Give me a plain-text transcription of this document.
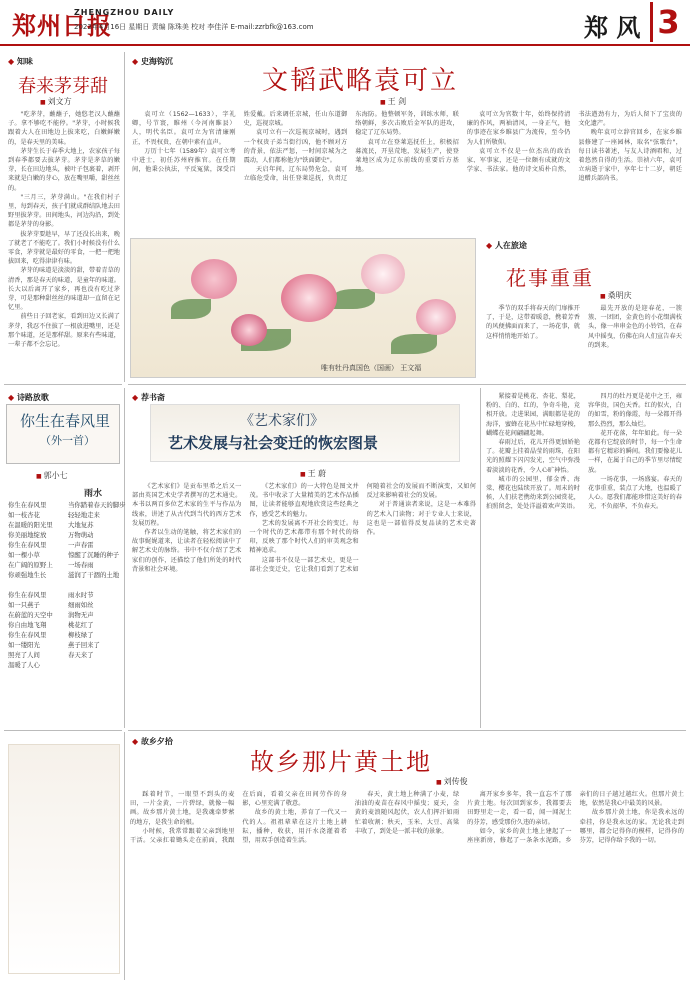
郑州日报
ZHENGZHOU DAILY
2023年4月16日 星期日 责编 陈珠美 校对 李佳洋 E-mail:zzrbfk@163.com	郑 风 3
◆ 知味
春来茅芽甜
■ 刘文方

"吃茅芽，蘸蘸子，她悠老汉人蘸蘸子。拿不够吃不能停。"茅芽，小时候我跟着大人在田地边上拔来吃，白嫩鲜嫩的，是春天里的美味。

茅芽生长于春季大地上，农家孩子每到春季都要去拔茅芽。茅芽是茅草的嫩芽，长在田边地头，被叶子包裹着，剥开来就是白嫩的芽心，放在嘴里嚼，甜丝丝的。

"三月三，茅芽满山。"在我们村子里，每到春天，孩子们就成群结队地去田野里拔茅芽。田间地头，河边沟沿，到处都是茅芽的身影。

拔茅芽要趁早，早了还没长出来，晚了就老了不能吃了。我们小时候没有什么零食，茅芽就是最好的零食，一把一把地拔回来，吃得津津有味。

茅芽的味道是淡淡的甜，带着青草的清香，那是春天的味道，是童年的味道。长大以后离开了家乡，再也没有吃过茅芽，可是那种甜丝丝的味道却一直留在记忆里。

前些日子回老家，看到田边又长满了茅芽，我忍不住拔了一根放进嘴里，还是那个味道，还是那样甜。原来有些味道，一辈子都不会忘记。

◆ 史海钩沉
文韬武略袁可立
■ 王 剑

袁可立（1562—1633），字礼卿，号节寰，睢州（今河南睢县）人，明代名臣。袁可立为官清廉刚正，不畏权贵，在朝中素有直声。

万历十七年（1589年）袁可立考中进士，初任苏州府推官。在任期间，他秉公执法，平反冤狱，深受百姓爱戴。后来调任京城，任山东道御史，巡视京城。

袁可立有一次巡视京城时，遇到一个权贵子弟当街行凶，他不顾对方的背景，依法严惩，一时间京城为之震动，人们都称他为"铁面御史"。

天启年间，辽东局势危急，袁可立临危受命，出任登莱巡抚，负责辽东海防。他整顿军务，训练水师，联络朝鲜，多次击败后金军队的进攻，稳定了辽东局势。

袁可立在登莱巡抚任上，积极招募流民，开垦荒地，发展生产，使登莱地区成为辽东前线的重要后方基地。

袁可立为官数十年，始终保持清廉的作风，两袖清风，一身正气，他的事迹在家乡睢县广为流传，至今仍为人们所敬仰。

袁可立不仅是一位杰出的政治家、军事家，还是一位颇有成就的文学家、书法家。他的诗文质朴自然，书法遒劲有力，为后人留下了宝贵的文化遗产。

晚年袁可立辞官回乡，在家乡睢县修建了一座园林，取名"弦歌台"，每日读书著述，与友人诗酒唱和，过着悠然自得的生活。崇祯六年，袁可立病逝于家中，享年七十二岁，朝廷追赠兵部尚书。

唯有牡丹真国色（国画） 王文福
◆ 人在旅途
花事重重
■ 桑明庆

季节的双手将春天的门扉推开了，于是，这带着暖意，携着芳香的风便拂面而来了，一场花事，就这样悄悄地开始了。

最先开放的是迎春花，一簇簇、一团团，金黄色的小花缀满枝头，像一串串金色的小铃铛，在春风中摇曳，仿佛在向人们宣告春天的到来。

紧接着是桃花、杏花、梨花，粉的、白的、红的，争奇斗艳，竞相开放。走进果园，满眼都是花的海洋，蜜蜂在花丛中忙碌地穿梭，蝴蝶在花间翩翩起舞。

春雨过后，花儿开得更加娇艳了。花瓣上挂着晶莹的雨珠，在阳光的照耀下闪闪发光，空气中弥漫着淡淡的花香，令人心旷神怡。

城市的公园里，郁金香、海棠、樱花也陆续开放了。周末的时候，人们扶老携幼来到公园赏花，拍照留念，处处洋溢着欢声笑语。

四月的牡丹更是花中之王，雍容华贵，国色天香。红的似火，白的如雪，粉的像霞，每一朵都开得那么热烈，那么灿烂。

花开花落，年年如此。每一朵花都有它绽放的时节，每一个生命都有它精彩的瞬间。我们要像花儿一样，在属于自己的季节里尽情绽放。

一场花事，一场盛宴。春天的花事重重，装点了大地，也温暖了人心。愿我们都能珍惜这美好的春光，不负韶华，不负春天。

◆ 荐书斋
《艺术家们》
艺术发展与社会变迁的恢宏图景
■ 王 蔚

《艺术家们》是贡布里希之后又一部由英国艺术史学者撰写的艺术通史。本书以两百多位艺术家的生平与作品为线索，讲述了从古代到当代的西方艺术发展历程。

作者以生动的笔触，将艺术家们的故事娓娓道来，让读者在轻松阅读中了解艺术史的脉络。书中不仅介绍了艺术家们的创作，还描绘了他们所处的时代背景和社会环境。

《艺术家们》的一大特色是图文并茂。书中收录了大量精美的艺术作品插图，让读者能够直观地欣赏这些经典之作，感受艺术的魅力。

艺术的发展离不开社会的变迁。每一个时代的艺术都带有那个时代的烙印，反映了那个时代人们的审美观念和精神追求。

这部书不仅是一部艺术史，更是一部社会变迁史，它让我们看到了艺术如何随着社会的发展而不断演变，又如何反过来影响着社会的发展。

对于普通读者来说，这是一本难得的艺术入门读物；对于专业人士来说，这也是一部值得反复品读的艺术史著作。

◆ 诗路放歌
你生在春风里
（外一首）
■ 郭小七
雨水
你生在春风里
如一枝杏花
在温暖的阳光里
你美丽地绽放
你生在春风里
如一棵小草
在广阔的原野上
你顽强地生长

你生在春风里
如一只燕子
在蔚蓝的天空中
你自由地飞翔
你生在春风里
如一缕阳光
照亮了人间
温暖了人心
当你踏着春天的脚步
轻轻地走来
大地复苏
万物萌动
一声春雷
惊醒了沉睡的种子
一场春雨
滋润了干涸的土地

雨水时节
细雨如丝
润物无声
桃花红了
柳枝绿了
燕子回来了
春天来了
◆ 故乡夕拾
故乡那片黄土地
■ 刘传俊

踩着时节，一眼望不到头的麦田，一片金黄，一片碧绿，就像一幅画。故乡那片黄土地，是我魂牵梦萦的地方，是我生命的根。

小时候，我常常跟着父亲到地里干活。父亲扛着锄头走在前面，我跟在后面，看着父亲在田间劳作的身影，心里充满了敬意。

故乡的黄土地，养育了一代又一代的人。祖祖辈辈在这片土地上耕耘，播种，收获，用汗水浇灌着希望，用双手创造着生活。

春天，黄土地上种满了小麦，绿油油的麦苗在春风中摇曳；夏天，金黄的麦浪随风起伏，农人们挥汗如雨忙着收割；秋天，玉米、大豆、高粱丰收了，到处是一派丰收的景象。

离开家乡多年，我一直忘不了那片黄土地。每次回到家乡，我都要去田野里走一走，看一看，闻一闻泥土的芬芳，感受那份久违的亲切。

如今，家乡的黄土地上建起了一座座新房，修起了一条条水泥路，乡亲们的日子越过越红火。但那片黄土地，依然是我心中最美的风景。

故乡那片黄土地，你是我永远的牵挂，你是我永远的家。无论我走到哪里，都会记得你的模样，记得你的芬芳，记得你给予我的一切。
